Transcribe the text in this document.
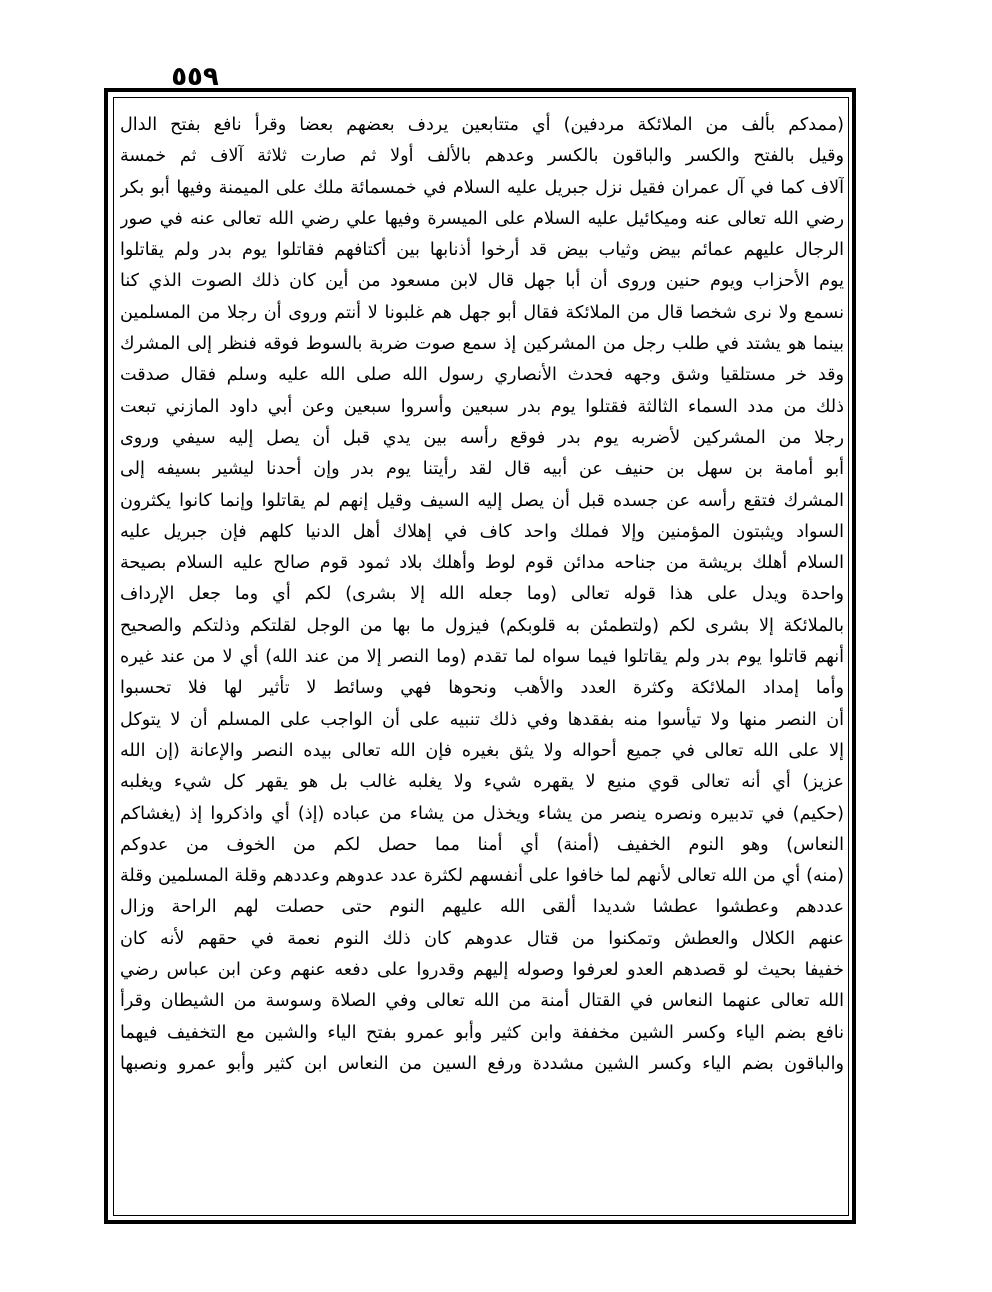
٥٥٩
(ممدكم بألف من الملائكة مردفين) أي متتابعين يردف بعضهم بعضا وقرأ نافع بفتح الدال
وقيل بالفتح والكسر والباقون بالكسر وعدهم بالألف أولا ثم صارت ثلاثة آلاف ثم خمسة
آلاف كما في آل عمران فقيل نزل جبريل عليه السلام في خمسمائة ملك على الميمنة وفيها أبو بكر
رضي الله تعالى عنه وميكائيل عليه السلام على الميسرة وفيها علي رضي الله تعالى عنه في صور
الرجال عليهم عمائم بيض وثياب بيض قد أرخوا أذنابها بين أكتافهم فقاتلوا يوم بدر ولم يقاتلوا
يوم الأحزاب ويوم حنين وروى أن أبا جهل قال لابن مسعود من أين كان ذلك الصوت الذي كنا
نسمع ولا نرى شخصا قال من الملائكة فقال أبو جهل هم غلبونا لا أنتم وروى أن رجلا من المسلمين
بينما هو يشتد في طلب رجل من المشركين إذ سمع صوت ضربة بالسوط فوقه فنظر إلى المشرك
وقد خر مستلقيا وشق وجهه فحدث الأنصاري رسول الله صلى الله عليه وسلم فقال صدقت
ذلك من مدد السماء الثالثة فقتلوا يوم بدر سبعين وأسروا سبعين وعن أبي داود المازني تبعت
رجلا من المشركين لأضربه يوم بدر فوقع رأسه بين يدي قبل أن يصل إليه سيفي وروى
أبو أمامة بن سهل بن حنيف عن أبيه قال لقد رأيتنا يوم بدر وإن أحدنا ليشير بسيفه إلى
المشرك فتقع رأسه عن جسده قبل أن يصل إليه السيف وقيل إنهم لم يقاتلوا وإنما كانوا يكثرون
السواد ويثبتون المؤمنين وإلا فملك واحد كاف في إهلاك أهل الدنيا كلهم فإن جبريل عليه
السلام أهلك بريشة من جناحه مدائن قوم لوط وأهلك بلاد ثمود قوم صالح عليه السلام بصيحة
واحدة ويدل على هذا قوله تعالى (وما جعله الله إلا بشرى) لكم أي وما جعل الإرداف
بالملائكة إلا بشرى لكم (ولتطمئن به قلوبكم) فيزول ما بها من الوجل لقلتكم وذلتكم والصحيح
أنهم قاتلوا يوم بدر ولم يقاتلوا فيما سواه لما تقدم (وما النصر إلا من عند الله) أي لا من عند غيره
وأما إمداد الملائكة وكثرة العدد والأهب ونحوها فهي وسائط لا تأثير لها فلا تحسبوا
أن النصر منها ولا تيأسوا منه بفقدها وفي ذلك تنبيه على أن الواجب على المسلم أن لا يتوكل
إلا على الله تعالى في جميع أحواله ولا يثق بغيره فإن الله تعالى بيده النصر والإعانة (إن الله
عزيز) أي أنه تعالى قوي منيع لا يقهره شيء ولا يغلبه غالب بل هو يقهر كل شيء ويغلبه
(حكيم) في تدبيره ونصره ينصر من يشاء ويخذل من يشاء من عباده (إذ) أي واذكروا إذ (يغشاكم
النعاس) وهو النوم الخفيف (أمنة) أي أمنا مما حصل لكم من الخوف من عدوكم
(منه) أي من الله تعالى لأنهم لما خافوا على أنفسهم لكثرة عدد عدوهم وعددهم وقلة المسلمين وقلة
عددهم وعطشوا عطشا شديدا ألقى الله عليهم النوم حتى حصلت لهم الراحة وزال
عنهم الكلال والعطش وتمكنوا من قتال عدوهم كان ذلك النوم نعمة في حقهم لأنه كان
خفيفا بحيث لو قصدهم العدو لعرفوا وصوله إليهم وقدروا على دفعه عنهم وعن ابن عباس رضي
الله تعالى عنهما النعاس في القتال أمنة من الله تعالى وفي الصلاة وسوسة من الشيطان وقرأ
نافع بضم الياء وكسر الشين مخففة وابن كثير وأبو عمرو بفتح الياء والشين مع التخفيف فيهما
والباقون بضم الياء وكسر الشين مشددة ورفع السين من النعاس ابن كثير وأبو عمرو ونصبها
